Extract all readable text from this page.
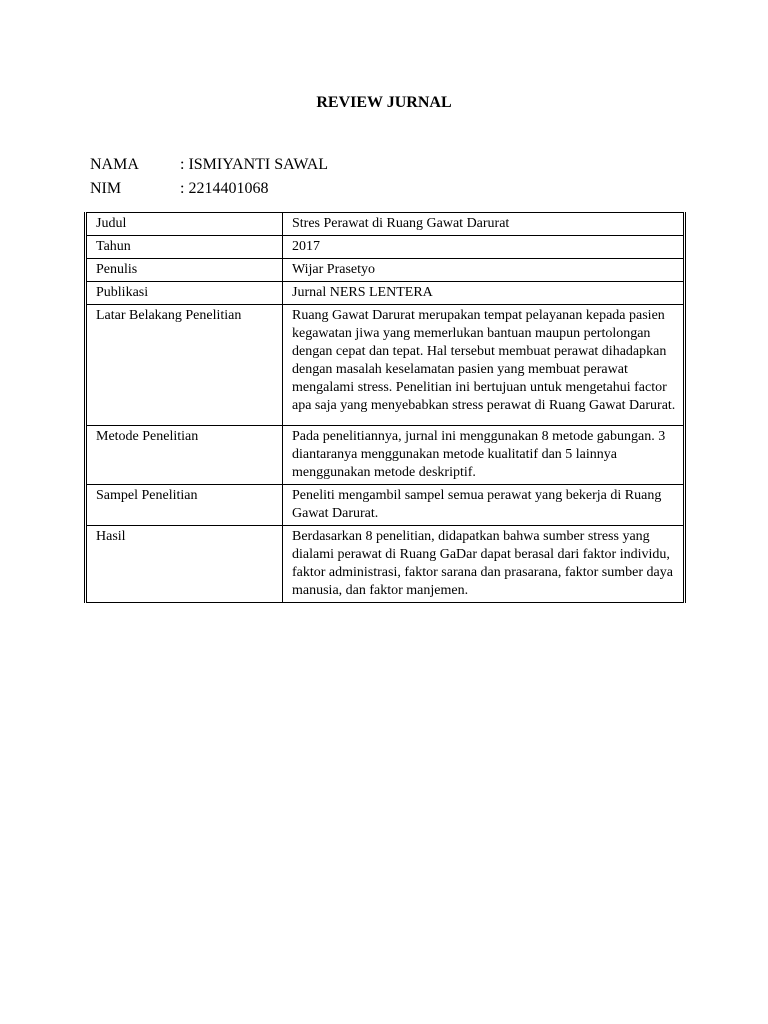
REVIEW JURNAL
NAMA	: ISMIYANTI SAWAL
NIM	: 2214401068
Judul	Stres Perawat di Ruang Gawat Darurat
Tahun	2017
Penulis	Wijar Prasetyo
Publikasi	Jurnal NERS LENTERA
Latar Belakang Penelitian	Ruang Gawat Darurat merupakan tempat pelayanan kepada pasien kegawatan jiwa yang memerlukan bantuan maupun pertolongan dengan cepat dan tepat. Hal tersebut membuat perawat dihadapkan dengan masalah keselamatan pasien yang membuat perawat mengalami stress. Penelitian ini bertujuan untuk mengetahui factor apa saja yang menyebabkan stress perawat di Ruang Gawat Darurat.
Metode Penelitian	Pada penelitiannya, jurnal ini menggunakan 8 metode gabungan. 3 diantaranya menggunakan metode kualitatif dan 5 lainnya menggunakan metode deskriptif.
Sampel Penelitian	Peneliti mengambil sampel semua perawat yang bekerja di Ruang Gawat Darurat.
Hasil	Berdasarkan 8 penelitian, didapatkan bahwa sumber stress yang dialami perawat di Ruang GaDar dapat berasal dari faktor individu, faktor administrasi, faktor sarana dan prasarana, faktor sumber daya manusia, dan faktor manjemen.
